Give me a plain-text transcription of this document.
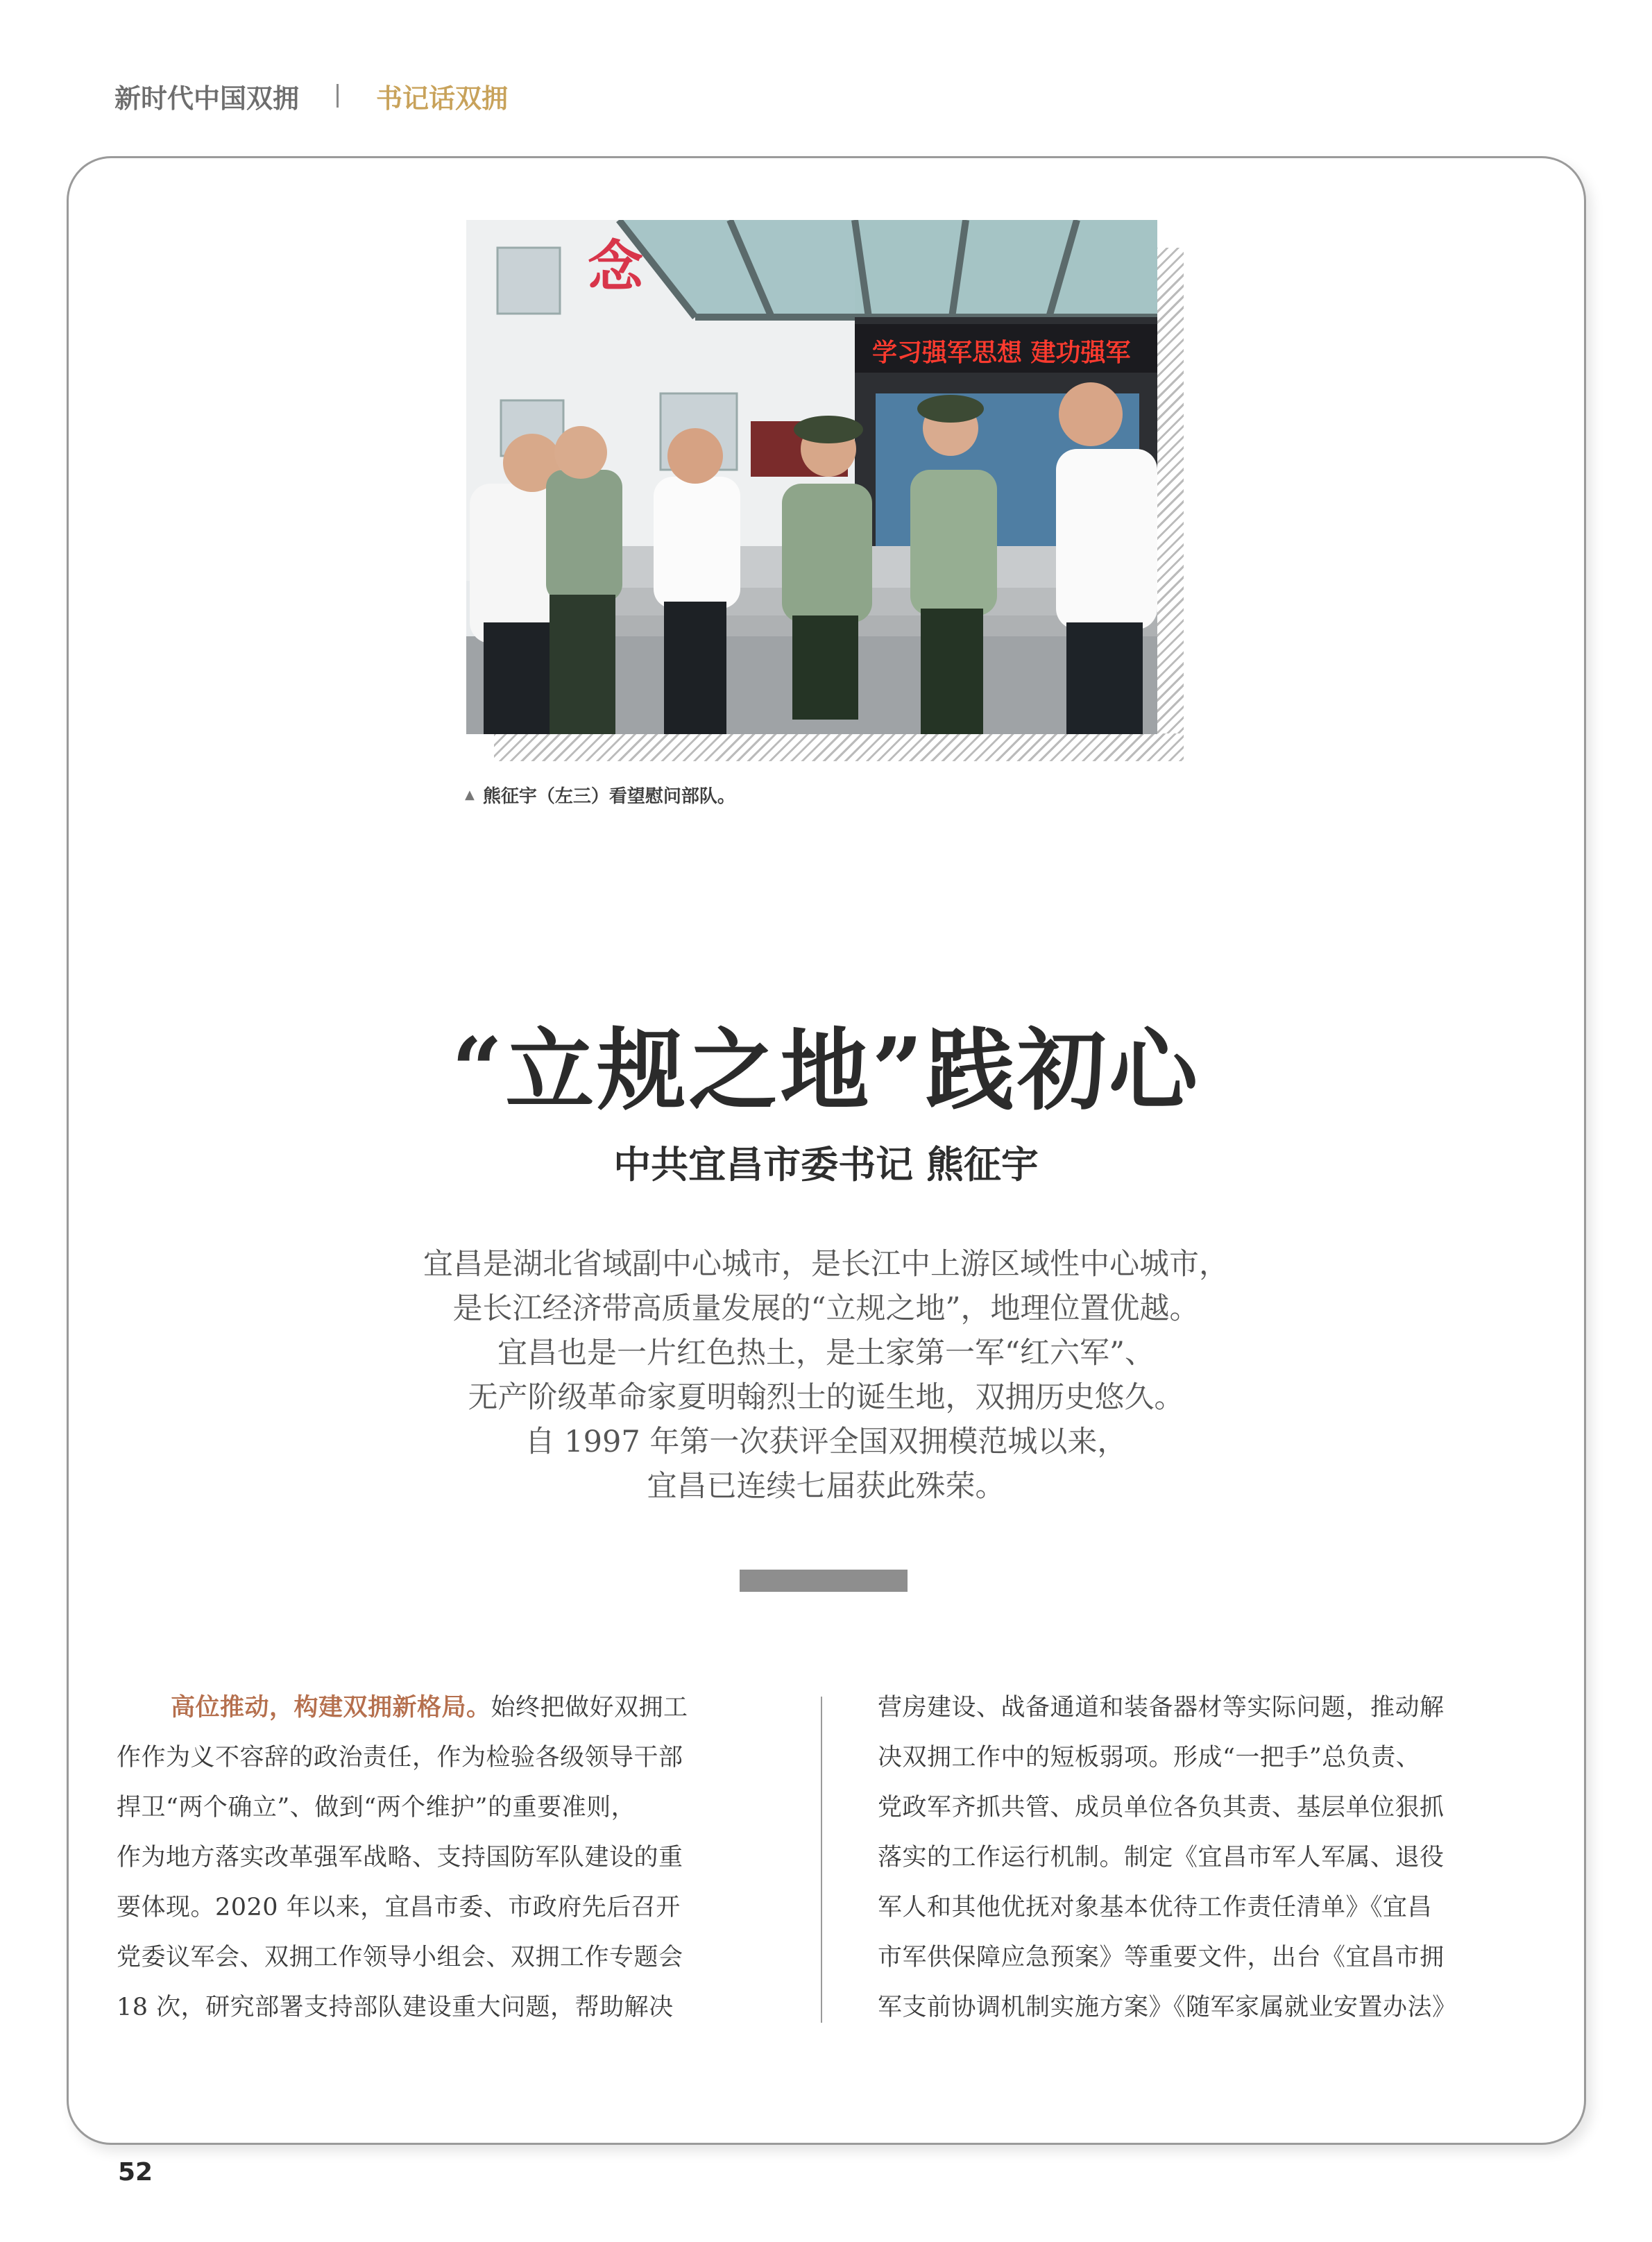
新时代中国双拥	书记话双拥
念
学习强军思想 建功强军
▲ 熊征宇（左三）看望慰问部队。
“立规之地”践初心
中共宜昌市委书记 熊征宇
宜昌是湖北省域副中心城市，是长江中上游区域性中心城市，
是长江经济带高质量发展的“立规之地”，地理位置优越。
宜昌也是一片红色热土，是土家第一军“红六军”、
无产阶级革命家夏明翰烈士的诞生地，双拥历史悠久。
自 1997 年第一次获评全国双拥模范城以来，
宜昌已连续七届获此殊荣。
高位推动，构建双拥新格局。始终把做好双拥工
作作为义不容辞的政治责任，作为检验各级领导干部
捍卫“两个确立”、做到“两个维护”的重要准则，
作为地方落实改革强军战略、支持国防军队建设的重
要体现。2020 年以来，宜昌市委、市政府先后召开
党委议军会、双拥工作领导小组会、双拥工作专题会
18 次，研究部署支持部队建设重大问题，帮助解决
营房建设、战备通道和装备器材等实际问题，推动解
决双拥工作中的短板弱项。形成“一把手”总负责、
党政军齐抓共管、成员单位各负其责、基层单位狠抓
落实的工作运行机制。制定《宜昌市军人军属、退役
军人和其他优抚对象基本优待工作责任清单》《宜昌
市军供保障应急预案》等重要文件，出台《宜昌市拥
军支前协调机制实施方案》《随军家属就业安置办法》
52
